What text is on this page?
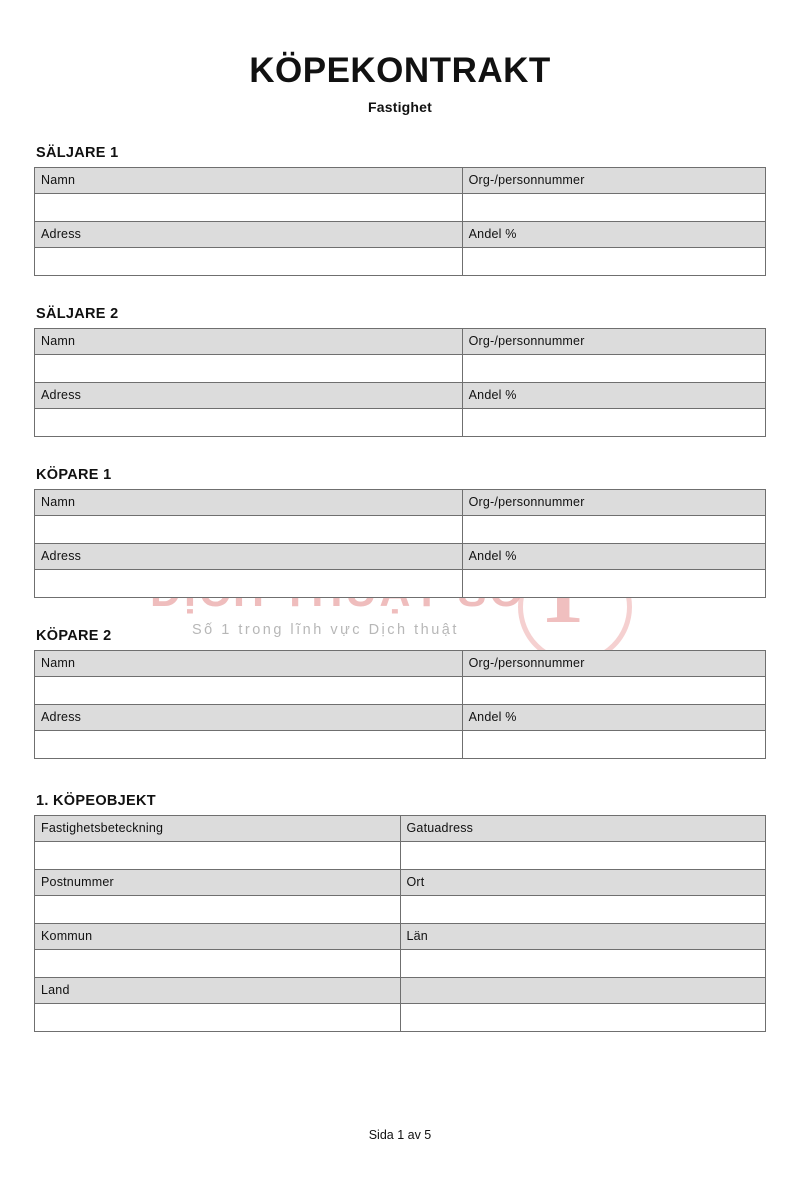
Số 1 trong lĩnh vực Dịch thuật
KÖPEKONTRAKT
Fastighet
SÄLJARE 1
Namn	Org-/personnummer

Adress	Andel %

SÄLJARE 2
Namn	Org-/personnummer

Adress	Andel %

KÖPARE 1
Namn	Org-/personnummer

Adress	Andel %

KÖPARE 2
Namn	Org-/personnummer

Adress	Andel %

1. KÖPEOBJEKT
Fastighetsbeteckning	Gatuadress

Postnummer	Ort

Kommun	Län

Land	

Sida 1 av 5
